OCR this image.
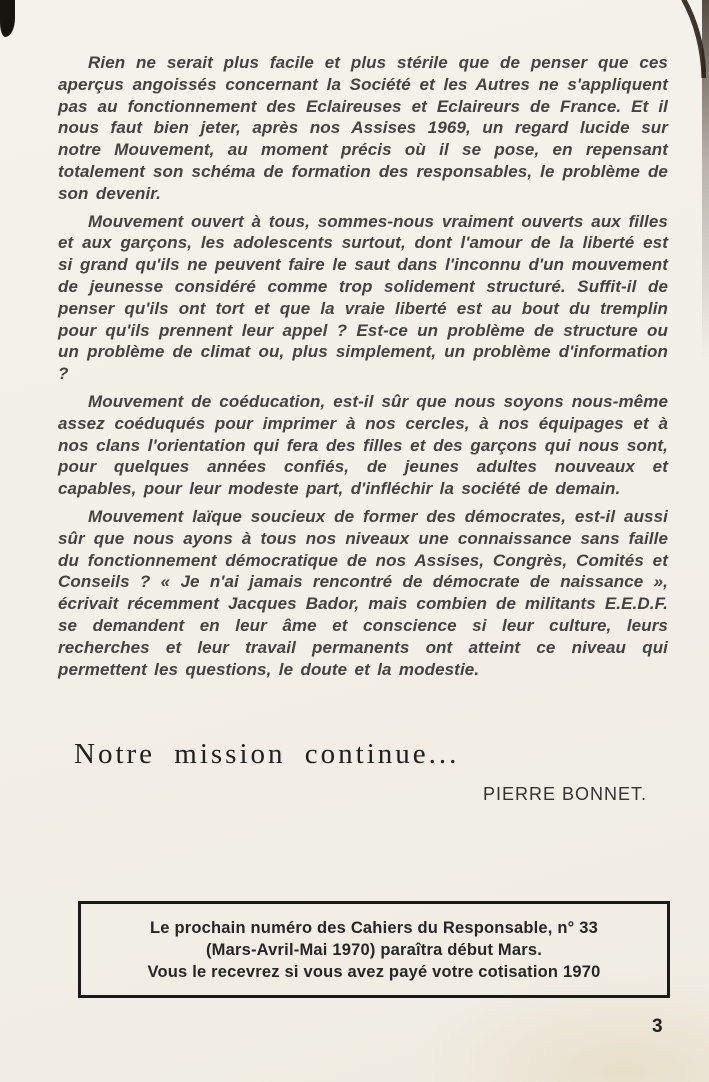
Rien ne serait plus facile et plus stérile que de penser que ces aperçus angoissés concernant la Société et les Autres ne s'appliquent pas au fonctionnement des Eclaireuses et Eclaireurs de France. Et il nous faut bien jeter, après nos Assises 1969, un regard lucide sur notre Mouvement, au moment précis où il se pose, en repensant totalement son schéma de formation des responsables, le problème de son devenir.

Mouvement ouvert à tous, sommes-nous vraiment ouverts aux filles et aux garçons, les adolescents surtout, dont l'amour de la liberté est si grand qu'ils ne peuvent faire le saut dans l'inconnu d'un mouvement de jeunesse considéré comme trop solidement structuré. Suffit-il de penser qu'ils ont tort et que la vraie liberté est au bout du tremplin pour qu'ils prennent leur appel ? Est-ce un problème de structure ou un problème de climat ou, plus simplement, un problème d'information ?

Mouvement de coéducation, est-il sûr que nous soyons nous-même assez coéduqués pour imprimer à nos cercles, à nos équipages et à nos clans l'orientation qui fera des filles et des garçons qui nous sont, pour quelques années confiés, de jeunes adultes nouveaux et capables, pour leur modeste part, d'infléchir la société de demain.

Mouvement laïque soucieux de former des démocrates, est-il aussi sûr que nous ayons à tous nos niveaux une connaissance sans faille du fonctionnement démocratique de nos Assises, Congrès, Comités et Conseils ? « Je n'ai jamais rencontré de démocrate de naissance », écrivait récemment Jacques Bador, mais combien de militants E.E.D.F. se demandent en leur âme et conscience si leur culture, leurs recherches et leur travail permanents ont atteint ce niveau qui permettent les questions, le doute et la modestie.

Notre mission continue...
PIERRE BONNET.
Le prochain numéro des Cahiers du Responsable, n° 33
(Mars-Avril-Mai 1970) paraîtra début Mars.
Vous le recevrez si vous avez payé votre cotisation 1970
3
